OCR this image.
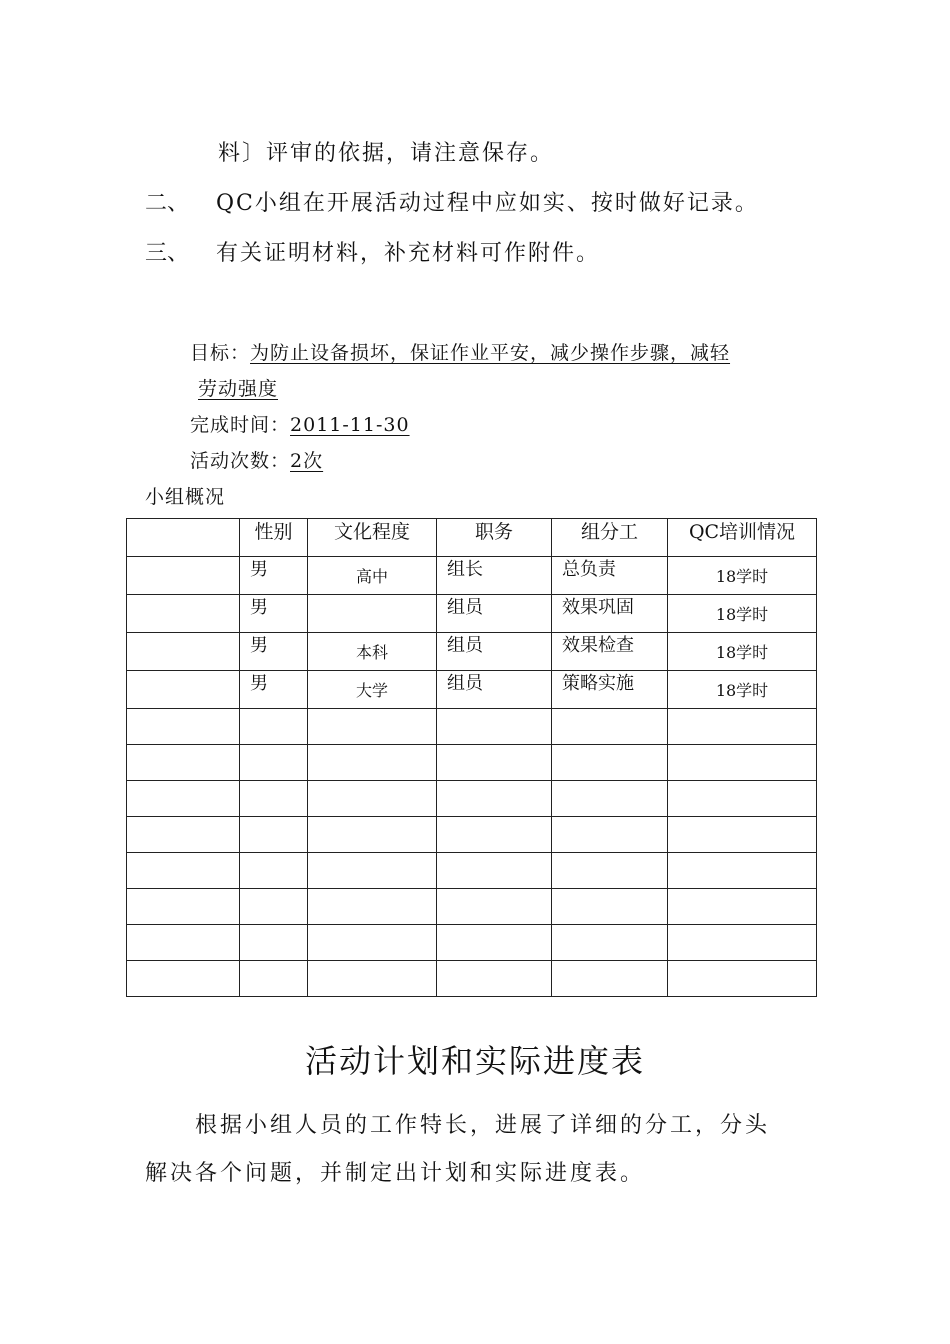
料〕评审的依据，请注意保存。
二、 QC小组在开展活动过程中应如实、按时做好记录。
三、 有关证明材料，补充材料可作附件。
目标：为防止设备损坏，保证作业平安，减少操作步骤，减轻
劳动强度
完成时间：2011-11-30
活动次数：2次
小组概况
	性别	文化程度	职务	组分工	QC培训情况
	男	高中	组长	总负责	18学时
	男		组员	效果巩固	18学时
	男	本科	组员	效果检查	18学时
	男	大学	组员	策略实施	18学时

活动计划和实际进度表
根据小组人员的工作特长，进展了详细的分工，分头
解决各个问题，并制定出计划和实际进度表。
